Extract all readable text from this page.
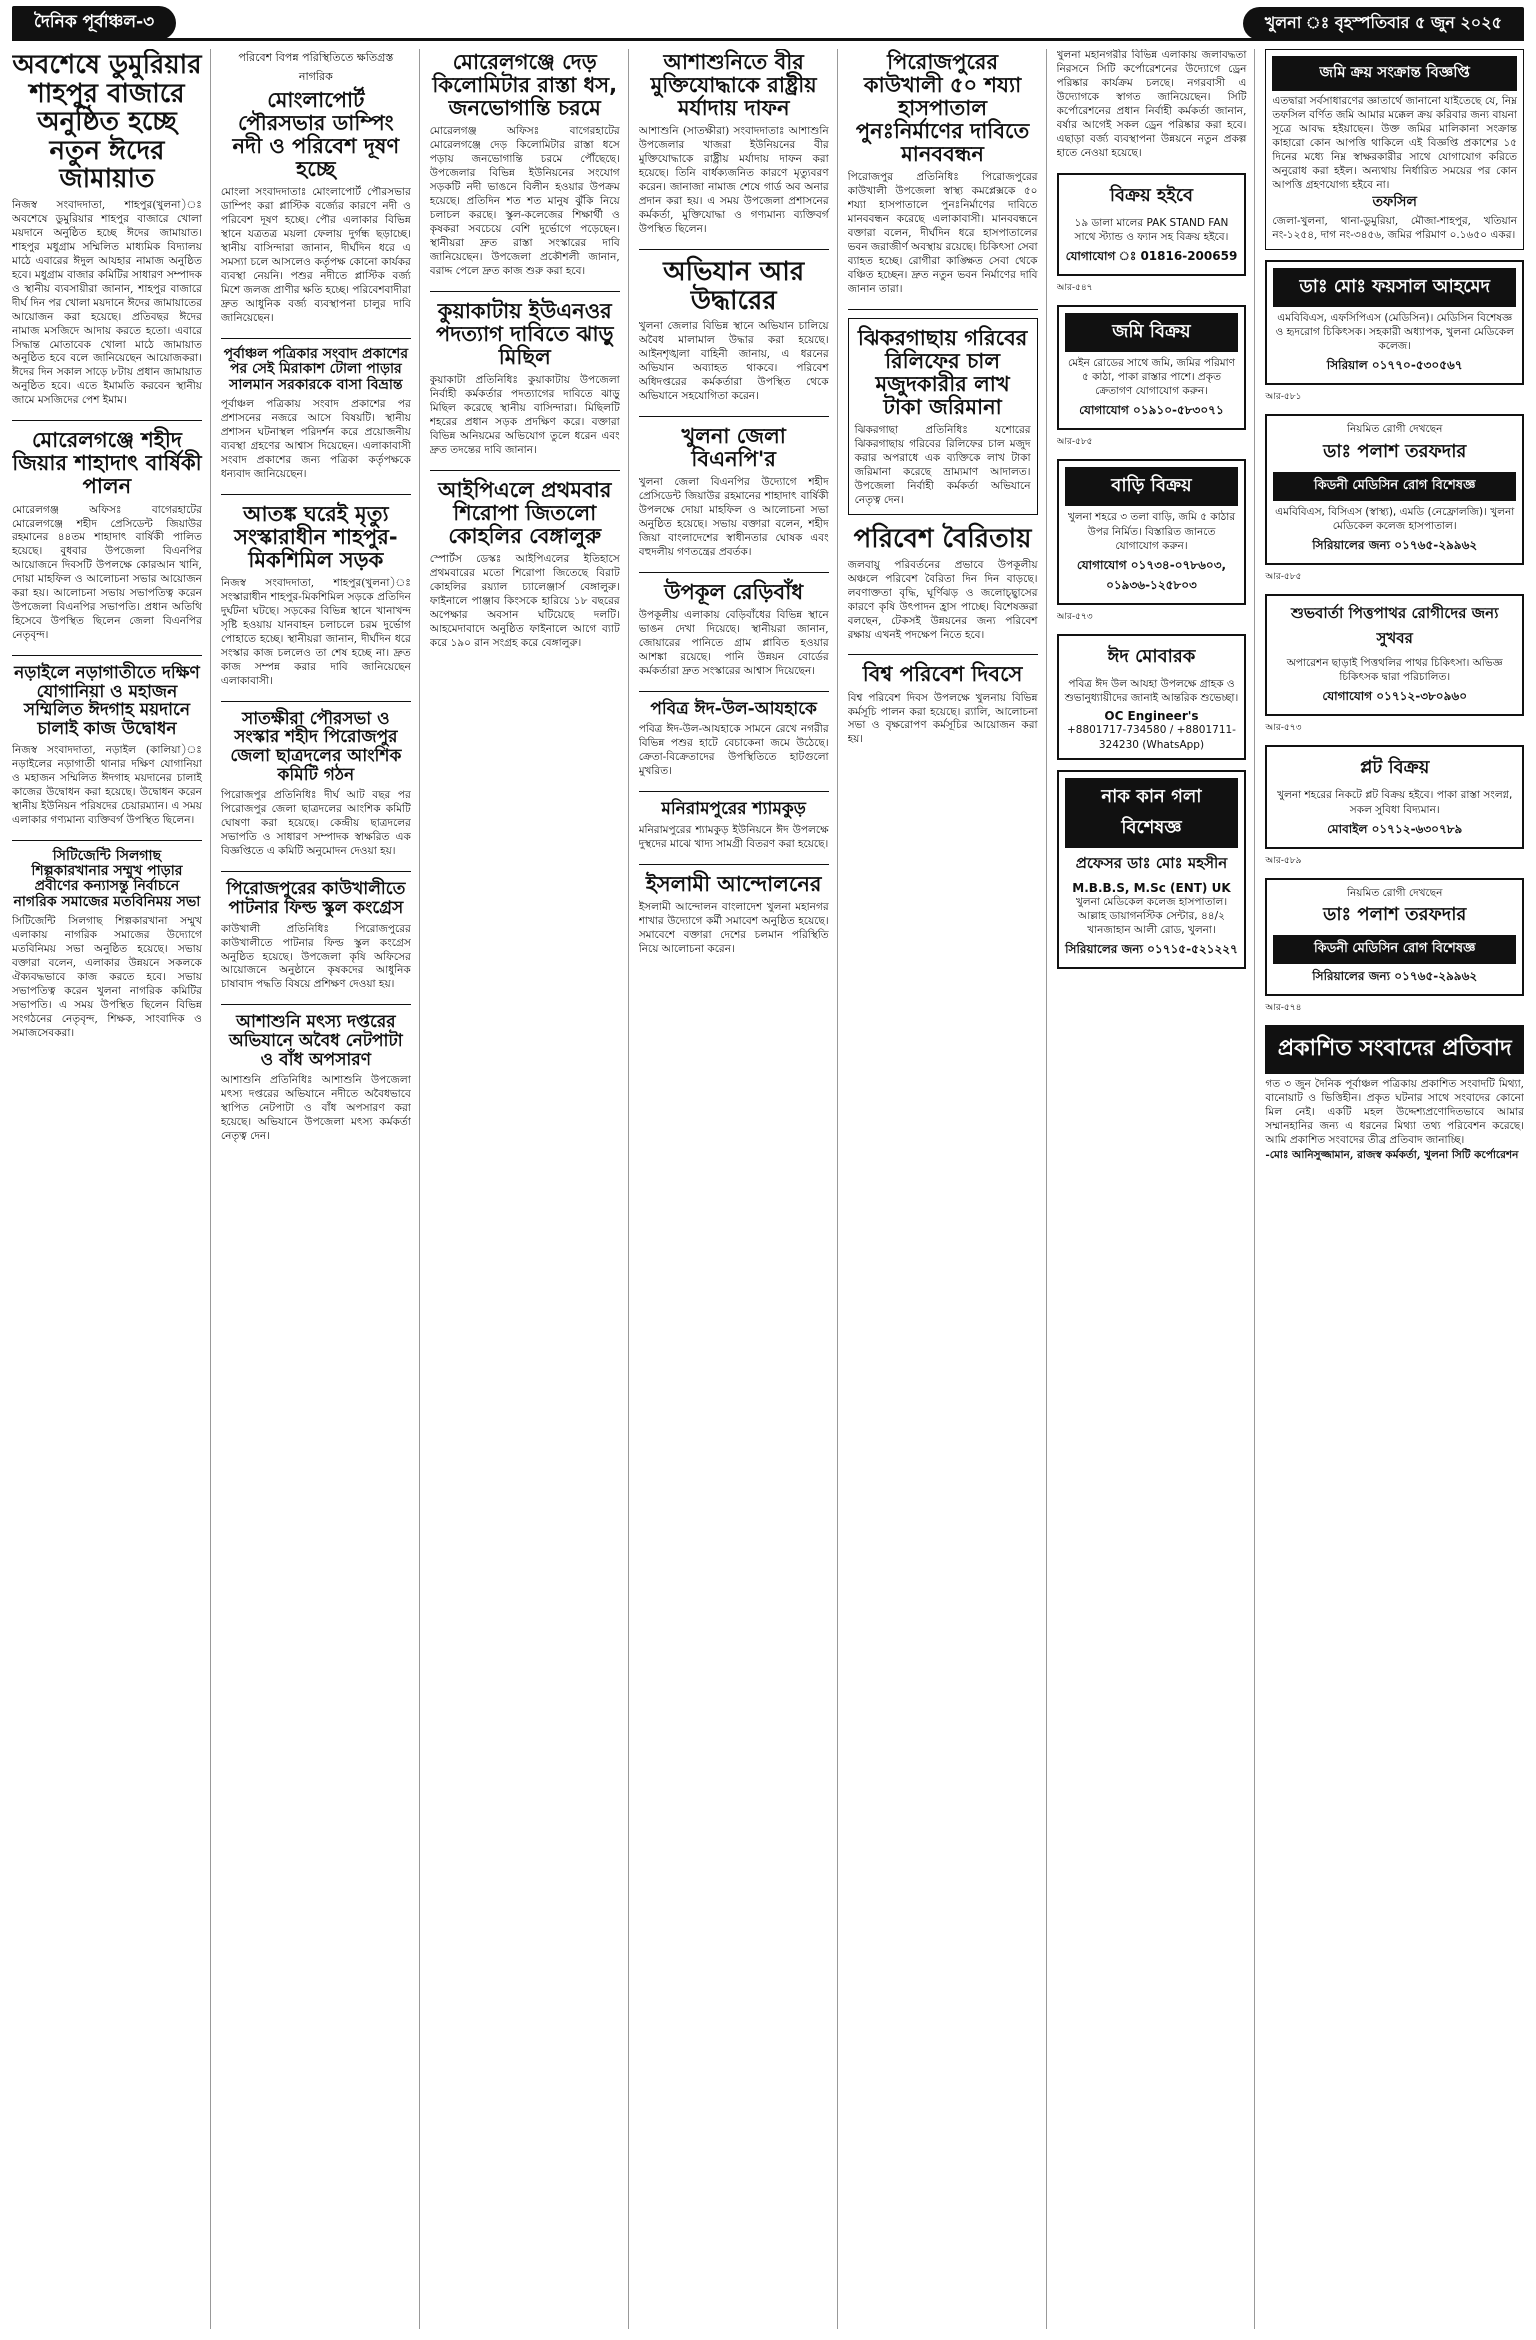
দৈনিক পূর্বাঞ্চল-৩	খুলনা ঃ বৃহস্পতিবার ৫ জুন ২০২৫
অবশেষে ডুমুরিয়ার শাহপুর বাজারে অনুষ্ঠিত হচ্ছে নতুন ঈদের জামায়াত
নিজস্ব সংবাদদাতা, শাহপুর(খুলনা)ঃ অবশেষে ডুমুরিয়ার শাহপুর বাজারে খোলা ময়দানে অনুষ্ঠিত হচ্ছে ঈদের জামায়াত। শাহপুর মধুগ্রাম সম্মিলিত মাধ্যমিক বিদ্যালয় মাঠে এবারের ঈদুল আযহার নামাজ অনুষ্ঠিত হবে। মধুগ্রাম বাজার কমিটির সাধারণ সম্পাদক ও স্থানীয় ব্যবসায়ীরা জানান, শাহপুর বাজারে দীর্ঘ দিন পর খোলা ময়দানে ঈদের জামায়াতের আয়োজন করা হয়েছে। প্রতিবছর ঈদের নামাজ মসজিদে আদায় করতে হতো। এবারে সিদ্ধান্ত মোতাবেক খোলা মাঠে জামায়াত অনুষ্ঠিত হবে বলে জানিয়েছেন আয়োজকরা। ঈদের দিন সকাল সাড়ে ৮টায় প্রধান জামায়াত অনুষ্ঠিত হবে। এতে ইমামতি করবেন স্থানীয় জামে মসজিদের পেশ ইমাম।
মোরেলগঞ্জে শহীদ জিয়ার শাহাদাৎ বার্ষিকী পালন
মোরেলগঞ্জ অফিসঃ বাগেরহাটের মোরেলগঞ্জে শহীদ প্রেসিডেন্ট জিয়াউর রহমানের ৪৪তম শাহাদাৎ বার্ষিকী পালিত হয়েছে। বুধবার উপজেলা বিএনপির আয়োজনে দিবসটি উপলক্ষে কোরআন খানি, দোয়া মাহফিল ও আলোচনা সভার আয়োজন করা হয়। আলোচনা সভায় সভাপতিত্ব করেন উপজেলা বিএনপির সভাপতি। প্রধান অতিথি হিসেবে উপস্থিত ছিলেন জেলা বিএনপির নেতৃবৃন্দ।
নড়াইলে নড়াগাতীতে দক্ষিণ যোগানিয়া ও মহাজন সম্মিলিত ঈদগাহ ময়দানে চালাই কাজ উদ্বোধন
নিজস্ব সংবাদদাতা, নড়াইল (কালিয়া)ঃ নড়াইলের নড়াগাতী থানার দক্ষিণ যোগানিয়া ও মহাজন সম্মিলিত ঈদগাহ ময়দানের চালাই কাজের উদ্বোধন করা হয়েছে। উদ্বোধন করেন স্থানীয় ইউনিয়ন পরিষদের চেয়ারম্যান। এ সময় এলাকার গণ্যমান্য ব্যক্তিবর্গ উপস্থিত ছিলেন।
সিটিজেন্টি সিলগাছ শিল্পকারখানার সম্মুখ পাড়ার প্রবীণের কন্যাসন্তু নির্বাচনে নাগরিক সমাজের মতবিনিময় সভা
সিটিজেন্টি সিলগাছ শিল্পকারখানা সম্মুখ এলাকায় নাগরিক সমাজের উদ্যোগে মতবিনিময় সভা অনুষ্ঠিত হয়েছে। সভায় বক্তারা বলেন, এলাকার উন্নয়নে সকলকে ঐক্যবদ্ধভাবে কাজ করতে হবে। সভায় সভাপতিত্ব করেন খুলনা নাগরিক কমিটির সভাপতি। এ সময় উপস্থিত ছিলেন বিভিন্ন সংগঠনের নেতৃবৃন্দ, শিক্ষক, সাংবাদিক ও সমাজসেবকরা।
পরিবেশ বিপন্ন পরিস্থিতিতে ক্ষতিগ্রস্ত নাগরিক
মোংলাপোর্ট পৌরসভার ডাম্পিং নদী ও পরিবেশ দূষণ হচ্ছে
মোংলা সংবাদদাতাঃ মোংলাপোর্ট পৌরসভার ডাম্পিং করা প্লাস্টিক বর্জ্যের কারণে নদী ও পরিবেশ দূষণ হচ্ছে। পৌর এলাকার বিভিন্ন স্থানে যত্রতত্র ময়লা ফেলায় দুর্গন্ধ ছড়াচ্ছে। স্থানীয় বাসিন্দারা জানান, দীর্ঘদিন ধরে এ সমস্যা চলে আসলেও কর্তৃপক্ষ কোনো কার্যকর ব্যবস্থা নেয়নি। পশুর নদীতে প্লাস্টিক বর্জ্য মিশে জলজ প্রাণীর ক্ষতি হচ্ছে। পরিবেশবাদীরা দ্রুত আধুনিক বর্জ্য ব্যবস্থাপনা চালুর দাবি জানিয়েছেন।
পূর্বাঞ্চল পত্রিকার সংবাদ প্রকাশের পর সেই মিরাকাশ টোলা পাড়ার সালমান সরকারকে বাসা বিভ্রান্ত
পূর্বাঞ্চল পত্রিকায় সংবাদ প্রকাশের পর প্রশাসনের নজরে আসে বিষয়টি। স্থানীয় প্রশাসন ঘটনাস্থল পরিদর্শন করে প্রয়োজনীয় ব্যবস্থা গ্রহণের আশ্বাস দিয়েছেন। এলাকাবাসী সংবাদ প্রকাশের জন্য পত্রিকা কর্তৃপক্ষকে ধন্যবাদ জানিয়েছেন।
আতঙ্ক ঘরেই মৃত্যু সংস্কারাধীন শাহপুর-মিকশিমিল সড়ক
নিজস্ব সংবাদদাতা, শাহপুর(খুলনা)ঃ সংস্কারাধীন শাহপুর-মিকশিমিল সড়কে প্রতিদিন দুর্ঘটনা ঘটছে। সড়কের বিভিন্ন স্থানে খানাখন্দ সৃষ্টি হওয়ায় যানবাহন চলাচলে চরম দুর্ভোগ পোহাতে হচ্ছে। স্থানীয়রা জানান, দীর্ঘদিন ধরে সংস্কার কাজ চললেও তা শেষ হচ্ছে না। দ্রুত কাজ সম্পন্ন করার দাবি জানিয়েছেন এলাকাবাসী।
সাতক্ষীরা পৌরসভা ও সংস্কার শহীদ পিরোজপুর জেলা ছাত্রদলের আংশিক কমিটি গঠন
পিরোজপুর প্রতিনিধিঃ দীর্ঘ আট বছর পর পিরোজপুর জেলা ছাত্রদলের আংশিক কমিটি ঘোষণা করা হয়েছে। কেন্দ্রীয় ছাত্রদলের সভাপতি ও সাধারণ সম্পাদক স্বাক্ষরিত এক বিজ্ঞপ্তিতে এ কমিটি অনুমোদন দেওয়া হয়।
পিরোজপুরের কাউখালীতে পাটনার ফিল্ড স্কুল কংগ্রেস
কাউখালী প্রতিনিধিঃ পিরোজপুরের কাউখালীতে পাটনার ফিল্ড স্কুল কংগ্রেস অনুষ্ঠিত হয়েছে। উপজেলা কৃষি অফিসের আয়োজনে অনুষ্ঠানে কৃষকদের আধুনিক চাষাবাদ পদ্ধতি বিষয়ে প্রশিক্ষণ দেওয়া হয়।
আশাশুনি মৎস্য দপ্তরের অভিযানে অবৈধ নেটপাটা ও বাঁধ অপসারণ
আশাশুনি প্রতিনিধিঃ আশাশুনি উপজেলা মৎস্য দপ্তরের অভিযানে নদীতে অবৈধভাবে স্থাপিত নেটপাটা ও বাঁধ অপসারণ করা হয়েছে। অভিযানে উপজেলা মৎস্য কর্মকর্তা নেতৃত্ব দেন।
মোরেলগঞ্জে দেড় কিলোমিটার রাস্তা ধস, জনভোগান্তি চরমে
মোরেলগঞ্জ অফিসঃ বাগেরহাটের মোরেলগঞ্জে দেড় কিলোমিটার রাস্তা ধসে পড়ায় জনভোগান্তি চরমে পৌঁছেছে। উপজেলার বিভিন্ন ইউনিয়নের সংযোগ সড়কটি নদী ভাঙনে বিলীন হওয়ার উপক্রম হয়েছে। প্রতিদিন শত শত মানুষ ঝুঁকি নিয়ে চলাচল করছে। স্কুল-কলেজের শিক্ষার্থী ও কৃষকরা সবচেয়ে বেশি দুর্ভোগে পড়েছেন। স্থানীয়রা দ্রুত রাস্তা সংস্কারের দাবি জানিয়েছেন। উপজেলা প্রকৌশলী জানান, বরাদ্দ পেলে দ্রুত কাজ শুরু করা হবে।
কুয়াকাটায় ইউএনওর পদত্যাগ দাবিতে ঝাড়ু মিছিল
কুয়াকাটা প্রতিনিধিঃ কুয়াকাটায় উপজেলা নির্বাহী কর্মকর্তার পদত্যাগের দাবিতে ঝাড়ু মিছিল করেছে স্থানীয় বাসিন্দারা। মিছিলটি শহরের প্রধান সড়ক প্রদক্ষিণ করে। বক্তারা বিভিন্ন অনিয়মের অভিযোগ তুলে ধরেন এবং দ্রুত তদন্তের দাবি জানান।
আইপিএলে প্রথমবার শিরোপা জিতলো কোহলির বেঙ্গালুরু
স্পোর্টস ডেস্কঃ আইপিএলের ইতিহাসে প্রথমবারের মতো শিরোপা জিতেছে বিরাট কোহলির রয়্যাল চ্যালেঞ্জার্স বেঙ্গালুরু। ফাইনালে পাঞ্জাব কিংসকে হারিয়ে ১৮ বছরের অপেক্ষার অবসান ঘটিয়েছে দলটি। আহমেদাবাদে অনুষ্ঠিত ফাইনালে আগে ব্যাট করে ১৯০ রান সংগ্রহ করে বেঙ্গালুরু।
আশাশুনিতে বীর মুক্তিযোদ্ধাকে রাষ্ট্রীয় মর্যাদায় দাফন
আশাশুনি (সাতক্ষীরা) সংবাদদাতাঃ আশাশুনি উপজেলার খাজরা ইউনিয়নের বীর মুক্তিযোদ্ধাকে রাষ্ট্রীয় মর্যাদায় দাফন করা হয়েছে। তিনি বার্ধক্যজনিত কারণে মৃত্যুবরণ করেন। জানাজা নামাজ শেষে গার্ড অব অনার প্রদান করা হয়। এ সময় উপজেলা প্রশাসনের কর্মকর্তা, মুক্তিযোদ্ধা ও গণ্যমান্য ব্যক্তিবর্গ উপস্থিত ছিলেন।
অভিযান আর উদ্ধারের
খুলনা জেলার বিভিন্ন স্থানে অভিযান চালিয়ে অবৈধ মালামাল উদ্ধার করা হয়েছে। আইনশৃঙ্খলা বাহিনী জানায়, এ ধরনের অভিযান অব্যাহত থাকবে। পরিবেশ অধিদপ্তরের কর্মকর্তারা উপস্থিত থেকে অভিযানে সহযোগিতা করেন।
খুলনা জেলা বিএনপি'র
খুলনা জেলা বিএনপির উদ্যোগে শহীদ প্রেসিডেন্ট জিয়াউর রহমানের শাহাদাৎ বার্ষিকী উপলক্ষে দোয়া মাহফিল ও আলোচনা সভা অনুষ্ঠিত হয়েছে। সভায় বক্তারা বলেন, শহীদ জিয়া বাংলাদেশের স্বাধীনতার ঘোষক এবং বহুদলীয় গণতন্ত্রের প্রবর্তক।
উপকূল রেড়িবাঁধ
উপকূলীয় এলাকায় বেড়িবাঁধের বিভিন্ন স্থানে ভাঙন দেখা দিয়েছে। স্থানীয়রা জানান, জোয়ারের পানিতে গ্রাম প্লাবিত হওয়ার আশঙ্কা রয়েছে। পানি উন্নয়ন বোর্ডের কর্মকর্তারা দ্রুত সংস্কারের আশ্বাস দিয়েছেন।
পবিত্র ঈদ-উল-আযহাকে
পবিত্র ঈদ-উল-আযহাকে সামনে রেখে নগরীর বিভিন্ন পশুর হাটে বেচাকেনা জমে উঠেছে। ক্রেতা-বিক্রেতাদের উপস্থিতিতে হাটগুলো মুখরিত।
মনিরামপুরের শ্যামকুড়
মনিরামপুরের শ্যামকুড় ইউনিয়নে ঈদ উপলক্ষে দুস্থদের মাঝে খাদ্য সামগ্রী বিতরণ করা হয়েছে।
ইসলামী আন্দোলনের
ইসলামী আন্দোলন বাংলাদেশ খুলনা মহানগর শাখার উদ্যোগে কর্মী সমাবেশ অনুষ্ঠিত হয়েছে। সমাবেশে বক্তারা দেশের চলমান পরিস্থিতি নিয়ে আলোচনা করেন।
পিরোজপুরের কাউখালী ৫০ শয্যা হাসপাতাল পুনঃনির্মাণের দাবিতে মানববন্ধন
পিরোজপুর প্রতিনিধিঃ পিরোজপুরের কাউখালী উপজেলা স্বাস্থ্য কমপ্লেক্সকে ৫০ শয্যা হাসপাতালে পুনঃনির্মাণের দাবিতে মানববন্ধন করেছে এলাকাবাসী। মানববন্ধনে বক্তারা বলেন, দীর্ঘদিন ধরে হাসপাতালের ভবন জরাজীর্ণ অবস্থায় রয়েছে। চিকিৎসা সেবা ব্যাহত হচ্ছে। রোগীরা কাঙ্ক্ষিত সেবা থেকে বঞ্চিত হচ্ছেন। দ্রুত নতুন ভবন নির্মাণের দাবি জানান তারা।
ঝিকরগাছায় গরিবের রিলিফের চাল মজুদকারীর লাখ টাকা জরিমানা
ঝিকরগাছা প্রতিনিধিঃ যশোরের ঝিকরগাছায় গরিবের রিলিফের চাল মজুদ করার অপরাধে এক ব্যক্তিকে লাখ টাকা জরিমানা করেছে ভ্রাম্যমাণ আদালত। উপজেলা নির্বাহী কর্মকর্তা অভিযানে নেতৃত্ব দেন।
পরিবেশ বৈরিতায়
জলবায়ু পরিবর্তনের প্রভাবে উপকূলীয় অঞ্চলে পরিবেশ বৈরিতা দিন দিন বাড়ছে। লবণাক্ততা বৃদ্ধি, ঘূর্ণিঝড় ও জলোচ্ছ্বাসের কারণে কৃষি উৎপাদন হ্রাস পাচ্ছে। বিশেষজ্ঞরা বলছেন, টেকসই উন্নয়নের জন্য পরিবেশ রক্ষায় এখনই পদক্ষেপ নিতে হবে।
বিশ্ব পরিবেশ দিবসে
বিশ্ব পরিবেশ দিবস উপলক্ষে খুলনায় বিভিন্ন কর্মসূচি পালন করা হয়েছে। র‍্যালি, আলোচনা সভা ও বৃক্ষরোপণ কর্মসূচির আয়োজন করা হয়।
খুলনা মহানগরীর বিভিন্ন এলাকায় জলাবদ্ধতা নিরসনে সিটি কর্পোরেশনের উদ্যোগে ড্রেন পরিষ্কার কার্যক্রম চলছে। নগরবাসী এ উদ্যোগকে স্বাগত জানিয়েছেন। সিটি কর্পোরেশনের প্রধান নির্বাহী কর্মকর্তা জানান, বর্ষার আগেই সকল ড্রেন পরিষ্কার করা হবে। এছাড়া বর্জ্য ব্যবস্থাপনা উন্নয়নে নতুন প্রকল্প হাতে নেওয়া হয়েছে।
বিক্রয় হইবে
১৯ ডালা মালের PAK STAND FAN সাথে স্ট্যান্ড ও ফ্যান সহ বিক্রয় হইবে।
যোগাযোগ ঃ 01816-200659
আর-৫৪৭
জমি বিক্রয়
মেইন রোডের সাথে জমি, জমির পরিমাণ ৫ কাঠা, পাকা রাস্তার পাশে। প্রকৃত ক্রেতাগণ যোগাযোগ করুন।
যোগাযোগ ০১৯১০-৫৮৩০৭১
আর-৫৮৫
বাড়ি বিক্রয়
খুলনা শহরে ৩ তলা বাড়ি, জমি ৫ কাঠার উপর নির্মিত। বিস্তারিত জানতে যোগাযোগ করুন।
যোগাযোগ ০১৭৩৪-০৭৮৬০৩, ০১৯৩৬-১২৫৮০৩
আর-৫৭৩
ঈদ মোবারক
পবিত্র ঈদ উল আযহা উপলক্ষে গ্রাহক ও শুভানুধ্যায়ীদের জানাই আন্তরিক শুভেচ্ছা।
OC Engineer's
+8801717-734580 / +8801711-324230 (WhatsApp)
নাক কান গলা বিশেষজ্ঞ
প্রফেসর ডাঃ মোঃ মহসীন
M.B.B.S, M.Sc (ENT) UK
খুলনা মেডিকেল কলেজ হাসপাতাল। আল্লাহ ডায়াগনস্টিক সেন্টার, ৪৪/২ খানজাহান আলী রোড, খুলনা।
সিরিয়ালের জন্য ০১৭১৫-৫২১২২৭
জমি ক্রয় সংক্রান্ত বিজ্ঞপ্তি
এতদ্বারা সর্বসাধারণের জ্ঞাতার্থে জানানো যাইতেছে যে, নিম্ন তফসিল বর্ণিত জমি আমার মক্কেল ক্রয় করিবার জন্য বায়না সূত্রে আবদ্ধ হইয়াছেন। উক্ত জমির মালিকানা সংক্রান্ত কাহারো কোন আপত্তি থাকিলে এই বিজ্ঞপ্তি প্রকাশের ১৫ দিনের মধ্যে নিম্ন স্বাক্ষরকারীর সাথে যোগাযোগ করিতে অনুরোধ করা হইল। অন্যথায় নির্ধারিত সময়ের পর কোন আপত্তি গ্রহণযোগ্য হইবে না।
তফসিল
জেলা-খুলনা, থানা-ডুমুরিয়া, মৌজা-শাহপুর, খতিয়ান নং-১২৫৪, দাগ নং-৩৪৫৬, জমির পরিমাণ ০.১৬৫০ একর।
ডাঃ মোঃ ফয়সাল আহমেদ
এমবিবিএস, এফসিপিএস (মেডিসিন)। মেডিসিন বিশেষজ্ঞ ও হৃদরোগ চিকিৎসক। সহকারী অধ্যাপক, খুলনা মেডিকেল কলেজ।
সিরিয়াল ০১৭৭০-৫৩০৫৬৭
আর-৫৮১
নিয়মিত রোগী দেখছেন
ডাঃ পলাশ তরফদার
কিডনী মেডিসিন রোগ বিশেষজ্ঞ
এমবিবিএস, বিসিএস (স্বাস্থ্য), এমডি (নেফ্রোলজি)। খুলনা মেডিকেল কলেজ হাসপাতাল।
সিরিয়ালের জন্য ০১৭৬৫-২৯৯৬২
আর-৫৮৫
শুভবার্তা পিত্তপাথর রোগীদের জন্য সুখবর
অপারেশন ছাড়াই পিত্তথলির পাথর চিকিৎসা। অভিজ্ঞ চিকিৎসক দ্বারা পরিচালিত।
যোগাযোগ ০১৭১২-৩৮০৯৬০
আর-৫৭৩
প্লট বিক্রয়
খুলনা শহরের নিকটে প্লট বিক্রয় হইবে। পাকা রাস্তা সংলগ্ন, সকল সুবিধা বিদ্যমান।
মোবাইল ০১৭১২-৬৩০৭৮৯
আর-৫৮৯
নিয়মিত রোগী দেখছেন
ডাঃ পলাশ তরফদার
কিডনী মেডিসিন রোগ বিশেষজ্ঞ
সিরিয়ালের জন্য ০১৭৬৫-২৯৯৬২
আর-৫৭৪
প্রকাশিত সংবাদের প্রতিবাদ
গত ৩ জুন দৈনিক পূর্বাঞ্চল পত্রিকায় প্রকাশিত সংবাদটি মিথ্যা, বানোয়াট ও ভিত্তিহীন। প্রকৃত ঘটনার সাথে সংবাদের কোনো মিল নেই। একটি মহল উদ্দেশ্যপ্রণোদিতভাবে আমার সম্মানহানির জন্য এ ধরনের মিথ্যা তথ্য পরিবেশন করেছে। আমি প্রকাশিত সংবাদের তীব্র প্রতিবাদ জানাচ্ছি।
-মোঃ আনিসুজ্জামান, রাজস্ব কর্মকর্তা, খুলনা সিটি কর্পোরেশন
